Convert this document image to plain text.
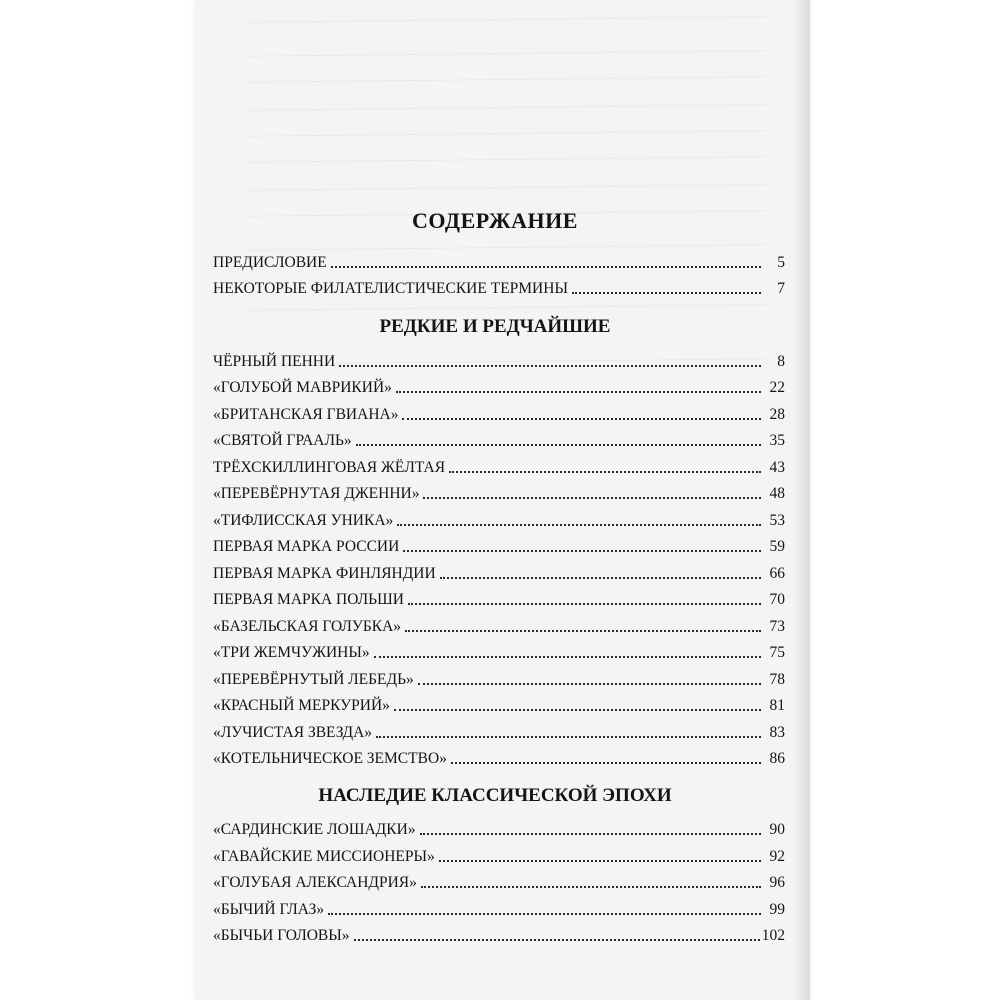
СОДЕРЖАНИЕ
ПРЕДИСЛОВИЕ	5
НЕКОТОРЫЕ ФИЛАТЕЛИСТИЧЕСКИЕ ТЕРМИНЫ	7
РЕДКИЕ И РЕДЧАЙШИЕ
ЧЁРНЫЙ ПЕННИ	8
«ГОЛУБОЙ МАВРИКИЙ»	22
«БРИТАНСКАЯ ГВИАНА»	28
«СВЯТОЙ ГРААЛЬ»	35
ТРЁХСКИЛЛИНГОВАЯ ЖЁЛТАЯ	43
«ПЕРЕВЁРНУТАЯ ДЖЕННИ»	48
«ТИФЛИССКАЯ УНИКА»	53
ПЕРВАЯ МАРКА РОССИИ	59
ПЕРВАЯ МАРКА ФИНЛЯНДИИ	66
ПЕРВАЯ МАРКА ПОЛЬШИ	70
«БАЗЕЛЬСКАЯ ГОЛУБКА»	73
«ТРИ ЖЕМЧУЖИНЫ»	75
«ПЕРЕВЁРНУТЫЙ ЛЕБЕДЬ»	78
«КРАСНЫЙ МЕРКУРИЙ»	81
«ЛУЧИСТАЯ ЗВЕЗДА»	83
«КОТЕЛЬНИЧЕСКОЕ ЗЕМСТВО»	86
НАСЛЕДИЕ КЛАССИЧЕСКОЙ ЭПОХИ
«САРДИНСКИЕ ЛОШАДКИ»	90
«ГАВАЙСКИЕ МИССИОНЕРЫ»	92
«ГОЛУБАЯ АЛЕКСАНДРИЯ»	96
«БЫЧИЙ ГЛАЗ»	99
«БЫЧЬИ ГОЛОВЫ»	102
